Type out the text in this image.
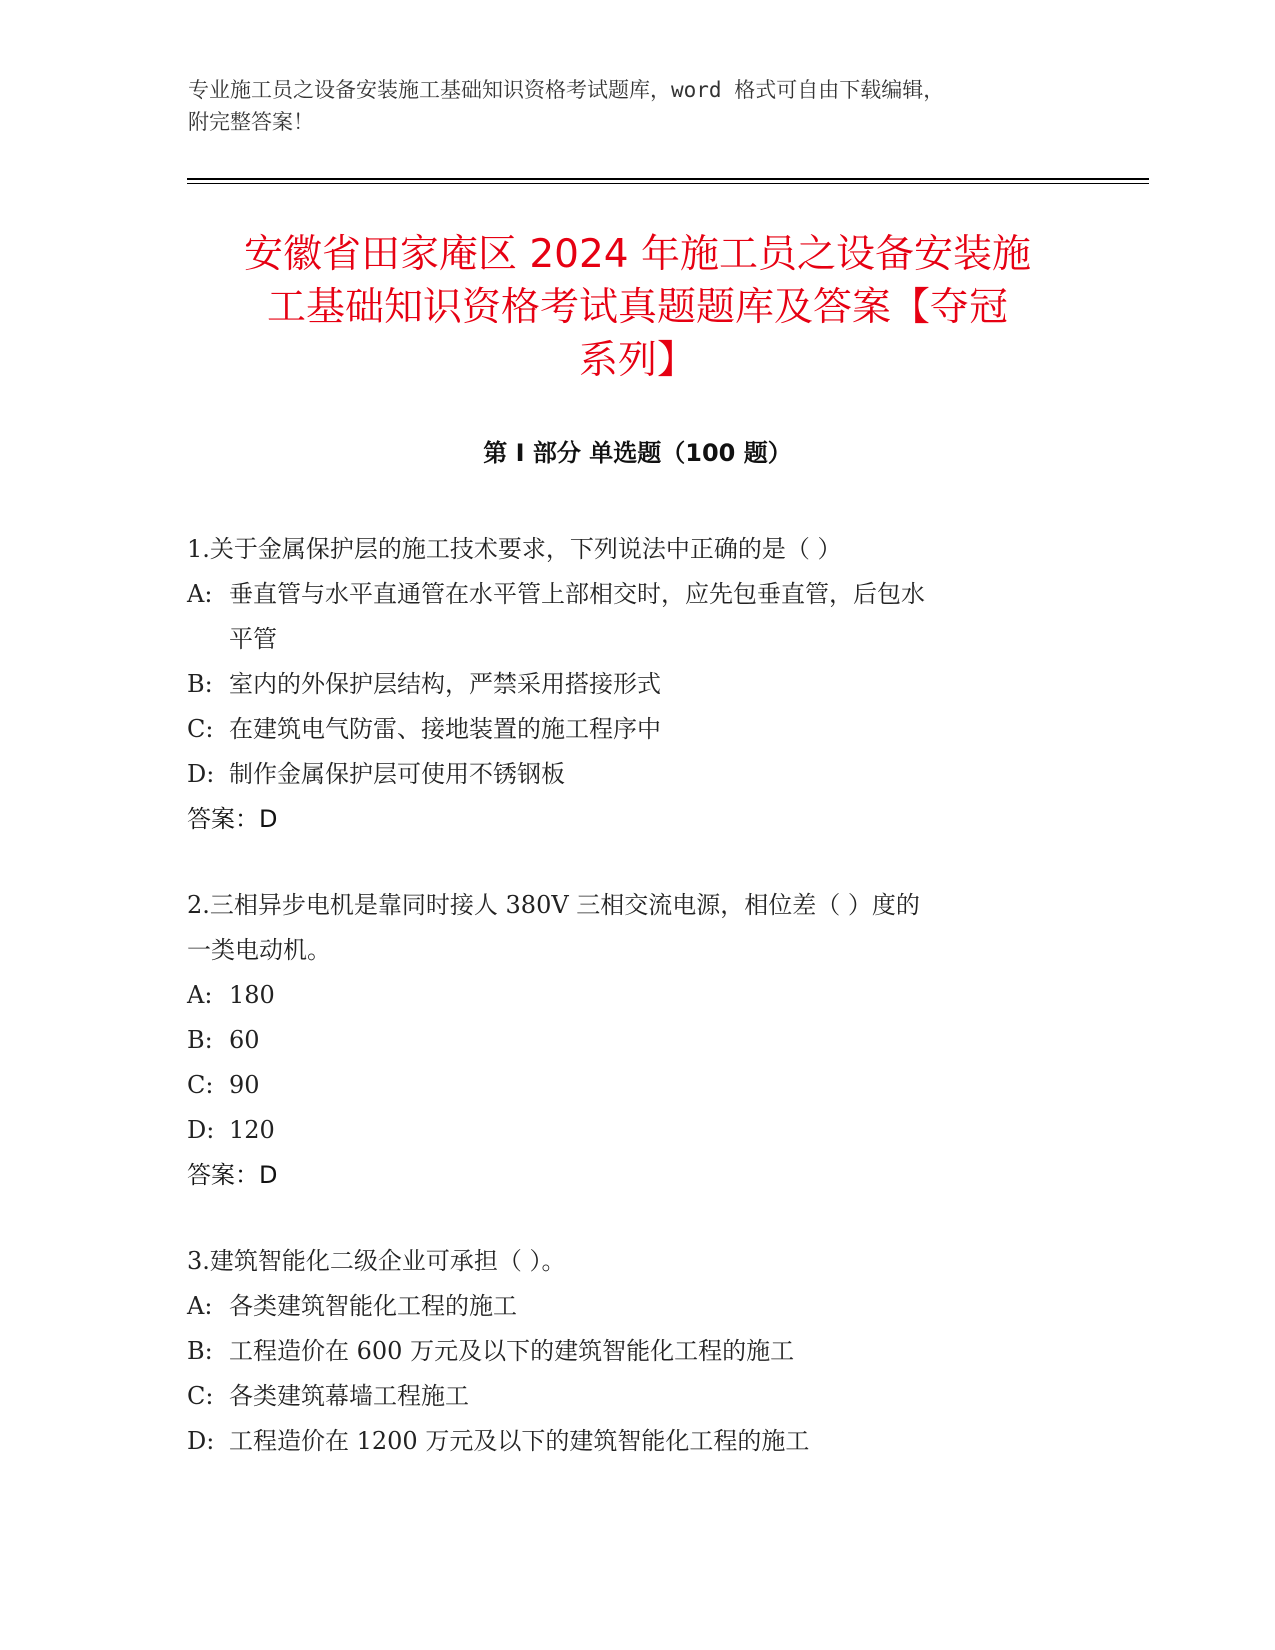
专业施工员之设备安装施工基础知识资格考试题库，word 格式可自由下载编辑，
附完整答案！
安徽省田家庵区 2024 年施工员之设备安装施
工基础知识资格考试真题题库及答案【夺冠
系列】
第 I 部分 单选题（100 题）
1.关于金属保护层的施工技术要求，下列说法中正确的是（ ）
A: 垂直管与水平直通管在水平管上部相交时，应先包垂直管，后包水
平管
B: 室内的外保护层结构，严禁采用搭接形式
C: 在建筑电气防雷、接地装置的施工程序中
D: 制作金属保护层可使用不锈钢板
答案：D
2.三相异步电机是靠同时接人 380V 三相交流电源，相位差（ ）度的
一类电动机。
A: 180
B: 60
C: 90
D: 120
答案：D
3.建筑智能化二级企业可承担（ ）。
A: 各类建筑智能化工程的施工
B: 工程造价在 600 万元及以下的建筑智能化工程的施工
C: 各类建筑幕墙工程施工
D: 工程造价在 1200 万元及以下的建筑智能化工程的施工
